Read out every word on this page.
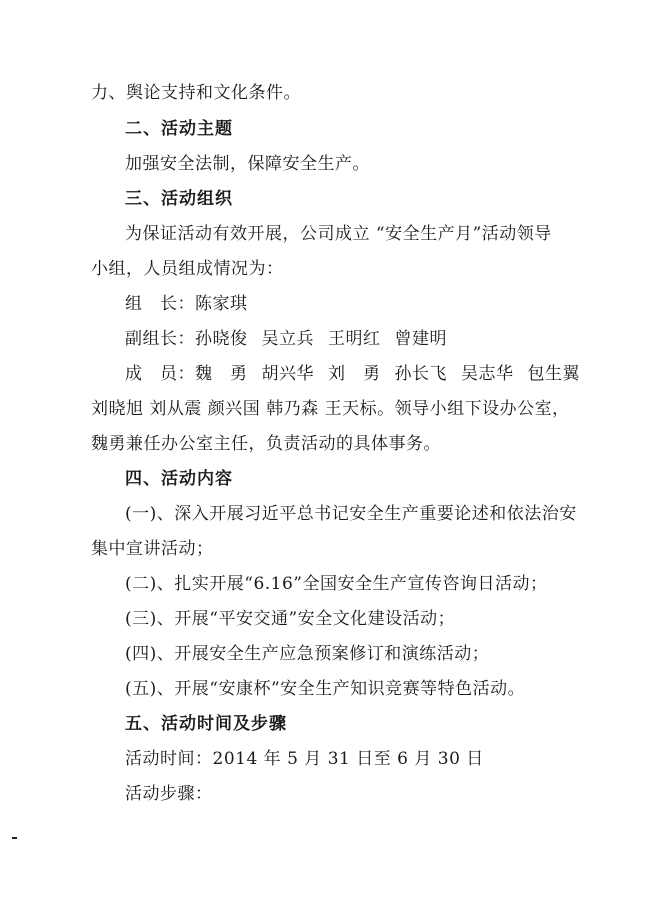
力、舆论支持和文化条件。
二、活动主题
加强安全法制，保障安全生产。
三、活动组织
为保证活动有效开展，公司成立 “安全生产月”活动领导
小组，人员组成情况为：
组　长：陈家琪
副组长：孙晓俊 吴立兵 王明红 曾建明
成　员：魏　勇 胡兴华 刘　勇 孙长飞 吴志华 包生翼
刘晓旭 刘从震 颜兴国 韩乃森 王天标。领导小组下设办公室，
魏勇兼任办公室主任，负责活动的具体事务。
四、活动内容
(一)、深入开展习近平总书记安全生产重要论述和依法治安
集中宣讲活动；
(二)、扎实开展“6.16”全国安全生产宣传咨询日活动；
(三)、开展“平安交通”安全文化建设活动；
(四)、开展安全生产应急预案修订和演练活动；
(五)、开展“安康杯”安全生产知识竞赛等特色活动。
五、活动时间及步骤
活动时间：2014 年 5 月 31 日至 6 月 30 日
活动步骤：
